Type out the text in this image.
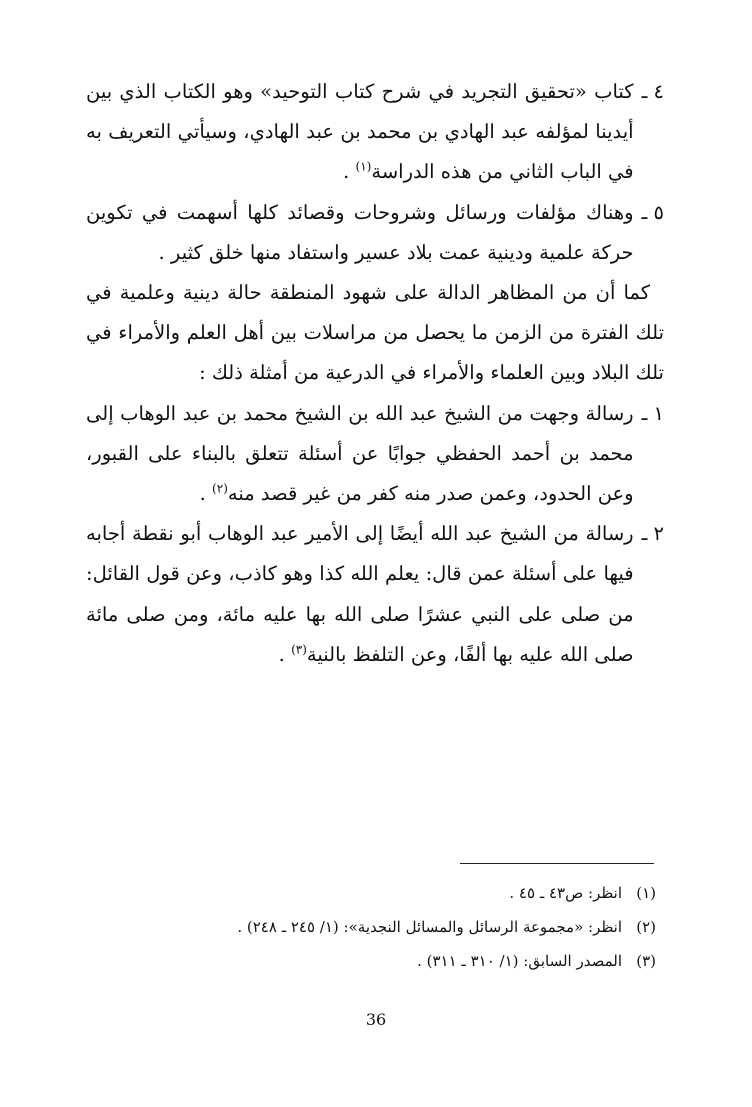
٤ ـ
كتاب «تحقيق التجريد في شرح كتاب التوحيد» وهو الكتاب الذي بين أيدينا لمؤلفه عبد الهادي بن محمد بن عبد الهادي، وسيأتي التعريف به في الباب الثاني من هذه الدراسة$^{(١)}$ .
٥ ـ
وهناك مؤلفات ورسائل وشروحات وقصائد كلها أسهمت في تكوين حركة علمية ودينية عمت بلاد عسير واستفاد منها خلق كثير .
كما أن من المظاهر الدالة على شهود المنطقة حالة دينية وعلمية في تلك الفترة من الزمن ما يحصل من مراسلات بين أهل العلم والأمراء في تلك البلاد وبين العلماء والأمراء في الدرعية من أمثلة ذلك :
١ ـ
رسالة وجهت من الشيخ عبد الله بن الشيخ محمد بن عبد الوهاب إلى محمد بن أحمد الحفظي جوابًا عن أسئلة تتعلق بالبناء على القبور، وعن الحدود، وعمن صدر منه كفر من غير قصد منه$^{(٢)}$ .
٢ ـ
رسالة من الشيخ عبد الله أيضًا إلى الأمير عبد الوهاب أبو نقطة أجابه فيها على أسئلة عمن قال: يعلم الله كذا وهو كاذب، وعن قول القائل: من صلى على النبي عشرًا صلى الله بها عليه مائة، ومن صلى مائة صلى الله عليه بها ألفًا، وعن التلفظ بالنية$^{(٣)}$ .
(١)
انظر: ص٤٣ ـ ٤٥ .
(٢)
انظر: «مجموعة الرسائل والمسائل النجدية»: (١/ ٢٤٥ ـ ٢٤٨) .
(٣)
المصدر السابق: (١/ ٣١٠ ـ ٣١١) .
36
